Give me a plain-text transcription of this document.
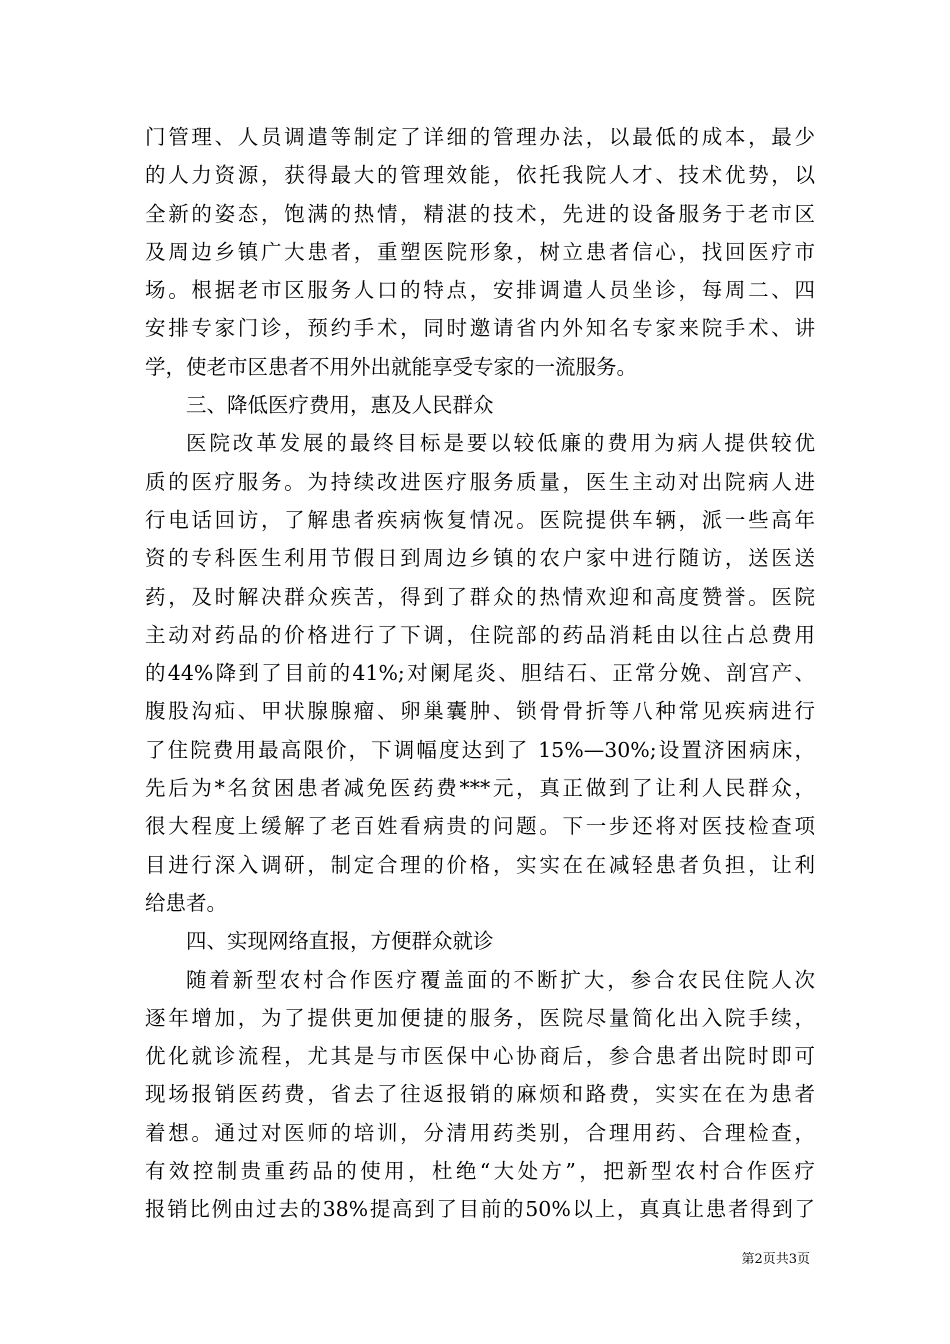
门管理、人员调遣等制定了详细的管理办法，以最低的成本，最少
的人力资源，获得最大的管理效能，依托我院人才、技术优势，以
全新的姿态，饱满的热情，精湛的技术，先进的设备服务于老市区
及周边乡镇广大患者，重塑医院形象，树立患者信心，找回医疗市
场。根据老市区服务人口的特点，安排调遣人员坐诊，每周二、四
安排专家门诊，预约手术，同时邀请省内外知名专家来院手术、讲
学，使老市区患者不用外出就能享受专家的一流服务。
三、降低医疗费用，惠及人民群众
医院改革发展的最终目标是要以较低廉的费用为病人提供较优
质的医疗服务。为持续改进医疗服务质量，医生主动对出院病人进
行电话回访，了解患者疾病恢复情况。医院提供车辆，派一些高年
资的专科医生利用节假日到周边乡镇的农户家中进行随访，送医送
药，及时解决群众疾苦，得到了群众的热情欢迎和高度赞誉。医院
主动对药品的价格进行了下调，住院部的药品消耗由以往占总费用
的44%降到了目前的41%;对阑尾炎、胆结石、正常分娩、剖宫产、
腹股沟疝、甲状腺腺瘤、卵巢囊肿、锁骨骨折等八种常见疾病进行
了住院费用最高限价，下调幅度达到了 15%—30%;设置济困病床，
先后为*名贫困患者减免医药费***元，真正做到了让利人民群众，
很大程度上缓解了老百姓看病贵的问题。下一步还将对医技检查项
目进行深入调研，制定合理的价格，实实在在减轻患者负担，让利
给患者。
四、实现网络直报，方便群众就诊
随着新型农村合作医疗覆盖面的不断扩大，参合农民住院人次
逐年增加，为了提供更加便捷的服务，医院尽量简化出入院手续，
优化就诊流程，尤其是与市医保中心协商后，参合患者出院时即可
现场报销医药费，省去了往返报销的麻烦和路费，实实在在为患者
着想。通过对医师的培训，分清用药类别，合理用药、合理检查，
有效控制贵重药品的使用，杜绝“大处方”，把新型农村合作医疗
报销比例由过去的38%提高到了目前的50%以上，真真让患者得到了
第2页共3页
